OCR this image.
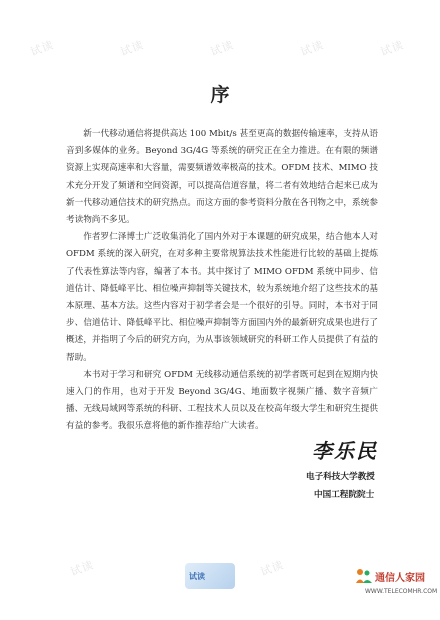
试读	试读	试读	试读	试读
试读	试读
序

新一代移动通信将提供高达 100 Mbit/s 甚至更高的数据传输速率，支持从语音到多媒体的业务。Beyond 3G/4G 等系统的研究正在全力推进。在有限的频谱资源上实现高速率和大容量，需要频谱效率极高的技术。OFDM 技术、MIMO 技术充分开发了频谱和空间资源，可以提高信道容量，将二者有效地结合起来已成为新一代移动通信技术的研究热点。而这方面的参考资料分散在各刊物之中，系统参考读物尚不多见。

作者罗仁泽博士广泛收集消化了国内外对于本课题的研究成果，结合他本人对 OFDM 系统的深入研究，在对多种主要常规算法技术性能进行比较的基础上提炼了代表性算法等内容，编著了本书。其中探讨了 MIMO OFDM 系统中同步、信道估计、降低峰平比、相位噪声抑制等关键技术，较为系统地介绍了这些技术的基本原理、基本方法。这些内容对于初学者会是一个很好的引导。同时，本书对于同步、信道估计、降低峰平比、相位噪声抑制等方面国内外的最新研究成果也进行了概述，并指明了今后的研究方向，为从事该领域研究的科研工作人员提供了有益的帮助。

本书对于学习和研究 OFDM 无线移动通信系统的初学者既可起到在短期内快速入门的作用，也对于开发 Beyond 3G/4G、地面数字视频广播、数字音频广播、无线局域网等系统的科研、工程技术人员以及在校高年级大学生和研究生提供有益的参考。我很乐意将他的新作推荐给广大读者。

李乐民
电子科技大学教授
中国工程院院士
试读	通信人家园
WWW.TELECOMHR.COM
